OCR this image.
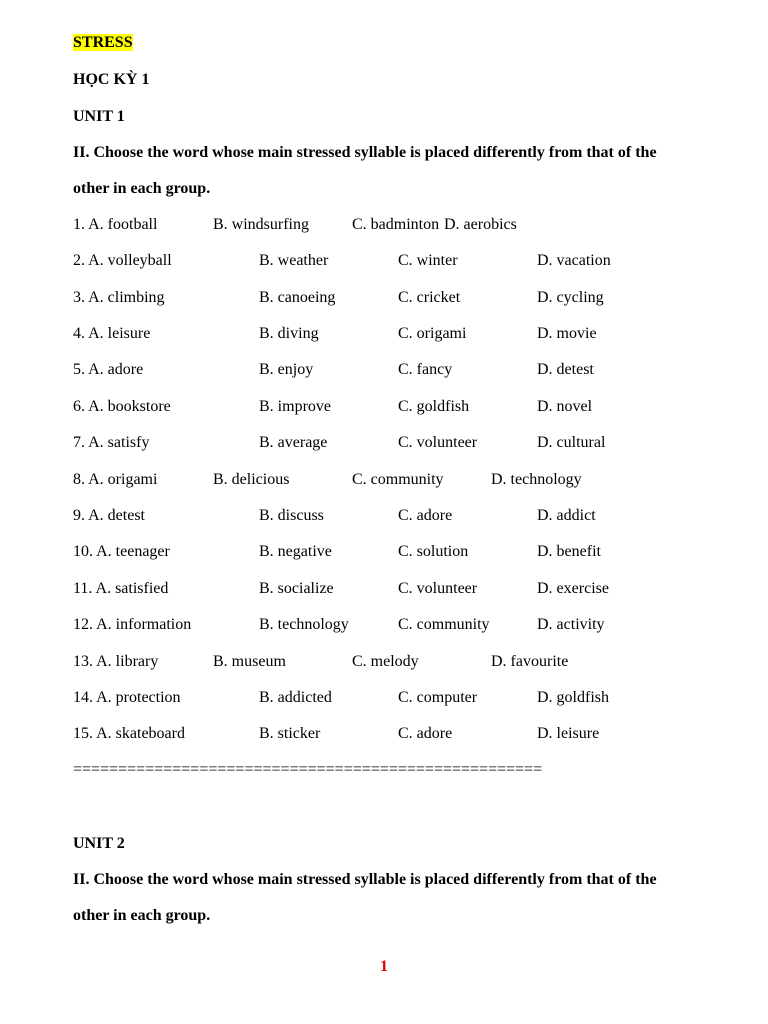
STRESS
HỌC KỲ 1
UNIT 1
II. Choose the word whose main stressed syllable is placed differently from that of the
other in each group.
1. A. football	B. windsurfing	C. badminton D. aerobics
2. A. volleyball	B. weather	C. winter	D. vacation
3. A. climbing	B. canoeing	C. cricket	D. cycling
4. A. leisure	B. diving	C. origami	D. movie
5. A. adore	B. enjoy	C. fancy	D. detest
6. A. bookstore	B. improve	C. goldfish	D. novel
7. A. satisfy	B. average	C. volunteer	D. cultural
8. A. origami	B. delicious	C. community	D. technology
9. A. detest	B. discuss	C. adore	D. addict
10. A. teenager	B. negative	C. solution	D. benefit
11. A. satisfied	B. socialize	C. volunteer	D. exercise
12. A. information	B. technology	C. community	D. activity
13. A. library	B. museum	C. melody	D. favourite
14. A. protection	B. addicted	C. computer	D. goldfish
15. A. skateboard	B. sticker	C. adore	D. leisure
====================================================
UNIT 2
II. Choose the word whose main stressed syllable is placed differently from that of the
other in each group.
1
